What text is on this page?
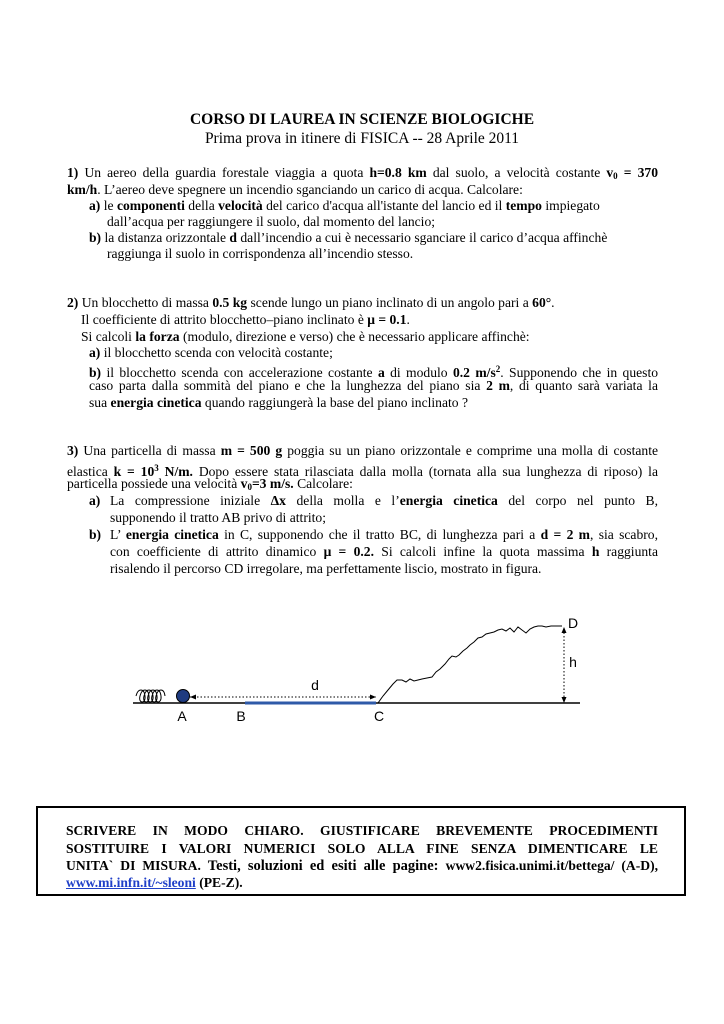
CORSO DI LAUREA IN SCIENZE BIOLOGICHE
Prima prova in itinere di FISICA -- 28 Aprile 2011
1) Un aereo della guardia forestale viaggia a quota h=0.8 km dal suolo, a velocità costante $v_0 = 370$
km/h. L’aereo deve spegnere un incendio sganciando un carico di acqua. Calcolare:
a) le componenti della velocità del carico d'acqua all'istante del lancio ed il tempo impiegato
dall’acqua per raggiungere il suolo, dal momento del lancio;
b) la distanza orizzontale d dall’incendio a cui è necessario sganciare il carico d’acqua affinchè
raggiunga il suolo in corrispondenza all’incendio stesso.
2) Un blocchetto di massa 0.5 kg scende lungo un piano inclinato di un angolo pari a 60°.
Il coefficiente di attrito blocchetto–piano inclinato è μ = 0.1.
Si calcoli la forza (modulo, direzione e verso) che è necessario applicare affinchè:
a) il blocchetto scenda con velocità costante;
b) il blocchetto scenda con accelerazione costante a di modulo 0.2 $m/s^2$. Supponendo che in questo
caso parta dalla sommità del piano e che la lunghezza del piano sia 2 m, di quanto sarà variata la
sua energia cinetica quando raggiungerà la base del piano inclinato ?
3) Una particella di massa m = 500 g poggia su un piano orizzontale e comprime una molla di costante
elastica $k = 10^3$ N/m. Dopo essere stata rilasciata dalla molla (tornata alla sua lunghezza di riposo) la
particella possiede una velocità $v_0=3$ m/s. Calcolare:
a) La compressione iniziale Δx della molla e l’energia cinetica del corpo nel punto B,
supponendo il tratto AB privo di attrito;
b) L’ energia cinetica in C, supponendo che il tratto BC, di lunghezza pari a d = 2 m, sia scabro,
con coefficiente di attrito dinamico μ = 0.2. Si calcoli infine la quota massima h raggiunta
risalendo il percorso CD irregolare, ma perfettamente liscio, mostrato in figura.
A	B	C
D
d
h
SCRIVERE IN MODO CHIARO. GIUSTIFICARE BREVEMENTE PROCEDIMENTI
SOSTITUIRE I VALORI NUMERICI SOLO ALLA FINE SENZA DIMENTICARE LE
UNITA` DI MISURA. Testi, soluzioni ed esiti alle pagine: www2.fisica.unimi.it/bettega/ (A-D),
www.mi.infn.it/~sleoni (PE-Z).
